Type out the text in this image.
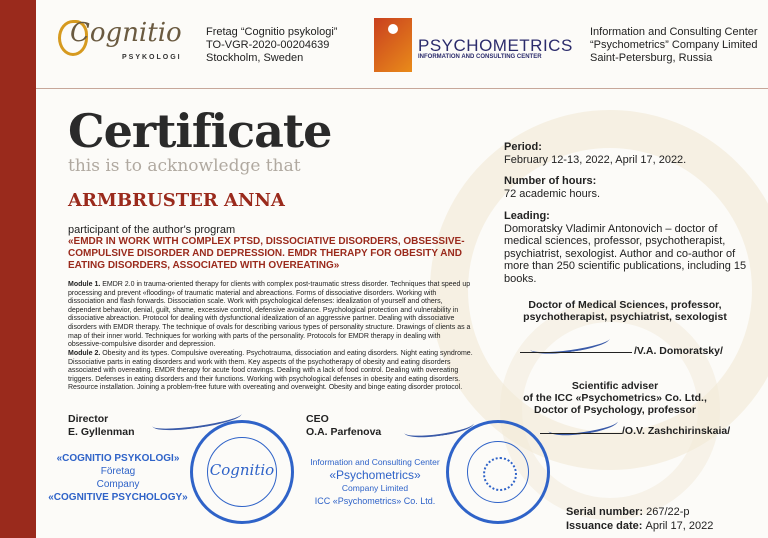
Cognitio
PSYKOLOGI
Fretag “Cognitio psykologi”
TO-VGR-2020-00204639
Stockholm, Sweden
PSYCHOMETRICS
INFORMATION AND CONSULTING CENTER
Information and Consulting Center
“Psychometrics” Company Limited
Saint-Petersburg, Russia
Certificate
this is to acknowledge that
ARMBRUSTER ANNA
participant of the author's program
«EMDR IN WORK WITH COMPLEX PTSD, DISSOCIATIVE DISORDERS, OBSESSIVE-COMPULSIVE DISORDER AND DEPRESSION. EMDR THERAPY FOR OBESITY AND EATING DISORDERS, ASSOCIATED WITH OVEREATING»
Module 1. EMDR 2.0 in trauma-oriented therapy for clients with complex post-traumatic stress disorder. Techniques that speed up processing and prevent «flooding» of traumatic material and abreactions. Forms of dissociative disorders. Working with dissociation and flash forwards. Dissociation scale. Work with psychological defenses: idealization of yourself and others, dependent behavior, denial, guilt, shame, excessive control, defensive avoidance. Psychological protection and vulnerability in dissociative abreaction. Protocol for dealing with dysfunctional idealization of an aggressive partner. Dealing with dissociative disorders with EMDR therapy. The technique of ovals for describing various types of personality structure. Drawings of clients as a map of their inner world. Techniques for working with parts of the personality. Protocols for EMDR therapy in dealing with obsessive-compulsive disorder and depression.
Module 2. Obesity and its types. Compulsive overeating. Psychotrauma, dissociation and eating disorders. Night eating syndrome. Dissociative parts in eating disorders and work with them. Key aspects of the psychotherapy of obesity and eating disorders associated with overeating. EMDR therapy for acute food cravings. Dealing with a lack of food control. Dealing with overeating triggers. Defenses in eating disorders and their functions. Working with psychological defenses in obesity and eating disorders. Resource installation. Joining a problem-free future with overeating and overweight. Obesity and binge eating disorder protocol.
Period:
February 12-13, 2022, April 17, 2022.
Number of hours:
72 academic hours.
Leading:
Domoratsky Vladimir Antonovich – doctor of medical sciences, professor, psychotherapist, psychiatrist, sexologist. Author and co-author of more than 250 scientific publications, including 15 books.
Doctor of Medical Sciences, professor,
psychotherapist, psychiatrist, sexologist
/V.A. Domoratsky/
Scientific adviser
of the ICC «Psychometrics» Co. Ltd.,
Doctor of Psychology, professor
/O.V. Zashchirinskaia/
Director
E. Gyllenman
CEO
O.A. Parfenova
«COGNITIO PSYKOLOGI»
Företag
Company
«COGNITIVE PSYCHOLOGY»
Cognitio	Information and Consulting Center
«Psychometrics»
Company Limited
ICC «Psychometrics» Co. Ltd.
Serial number: 267/22-p
Issuance date: April 17, 2022
